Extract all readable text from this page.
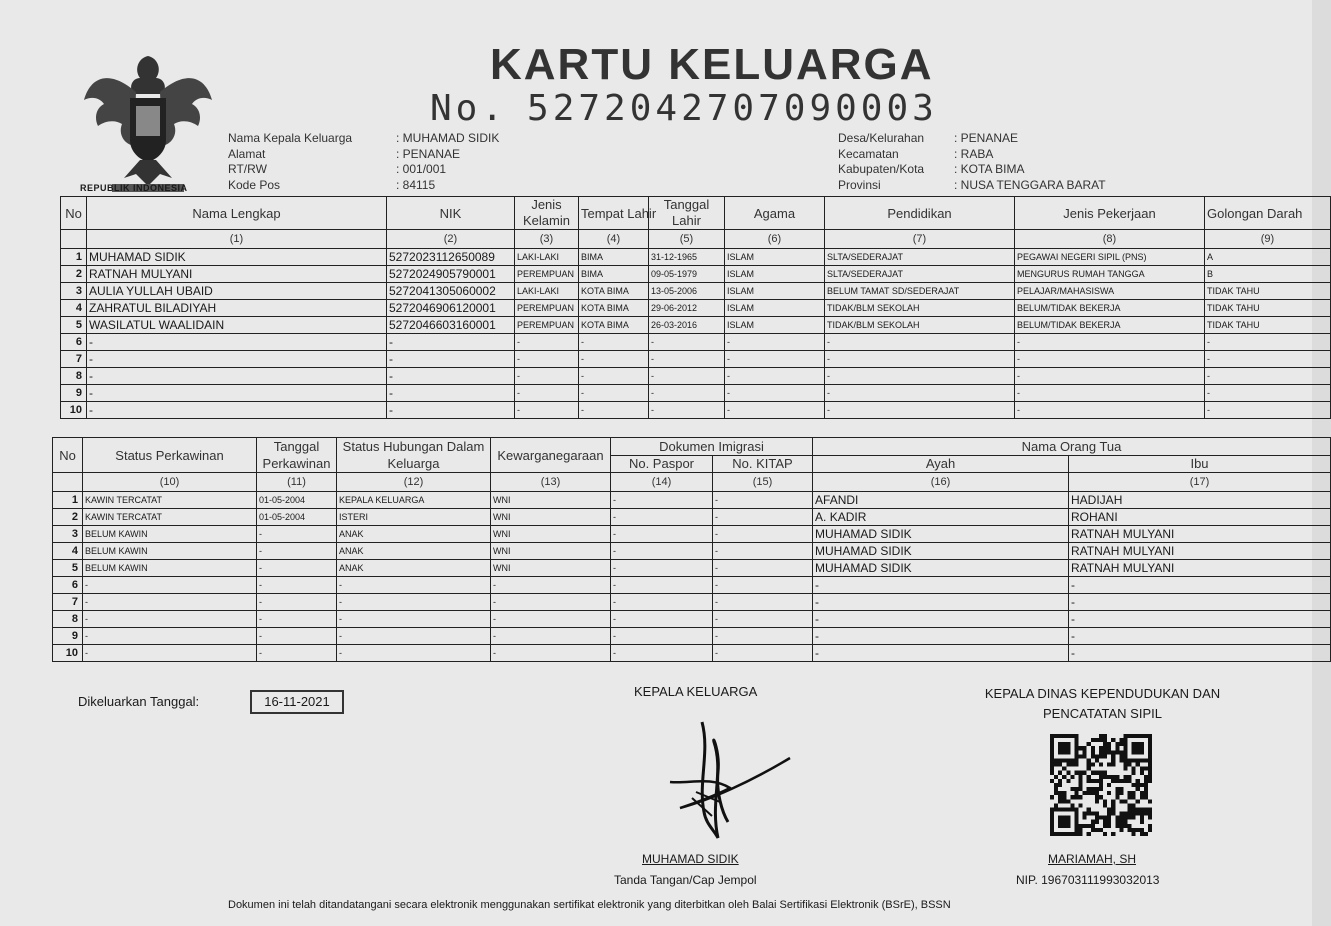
REPUBLIK INDONESIA
KARTU KELUARGA
No. 5272042707090003
Nama Kepala Keluarga	: MUHAMAD SIDIK
Alamat	: PENANAE
RT/RW	: 001/001
Kode Pos	: 84115
Desa/Kelurahan	: PENANAE
Kecamatan	: RABA
Kabupaten/Kota	: KOTA BIMA
Provinsi	: NUSA TENGGARA BARAT
No	Nama Lengkap	NIK	Jenis Kelamin	Tempat Lahir	Tanggal Lahir	Agama	Pendidikan	Jenis Pekerjaan	Golongan Darah
	(1)	(2)	(3)	(4)	(5)	(6)	(7)	(8)	(9)
1	MUHAMAD SIDIK	5272023112650089	LAKI-LAKI	BIMA	31-12-1965	ISLAM	SLTA/SEDERAJAT	PEGAWAI NEGERI SIPIL (PNS)	A
2	RATNAH MULYANI	5272024905790001	PEREMPUAN	BIMA	09-05-1979	ISLAM	SLTA/SEDERAJAT	MENGURUS RUMAH TANGGA	B
3	AULIA YULLAH UBAID	5272041305060002	LAKI-LAKI	KOTA BIMA	13-05-2006	ISLAM	BELUM TAMAT SD/SEDERAJAT	PELAJAR/MAHASISWA	TIDAK TAHU
4	ZAHRATUL BILADIYAH	5272046906120001	PEREMPUAN	KOTA BIMA	29-06-2012	ISLAM	TIDAK/BLM SEKOLAH	BELUM/TIDAK BEKERJA	TIDAK TAHU
5	WASILATUL WAALIDAIN	5272046603160001	PEREMPUAN	KOTA BIMA	26-03-2016	ISLAM	TIDAK/BLM SEKOLAH	BELUM/TIDAK BEKERJA	TIDAK TAHU
6	-	-	-	-	-	-	-	-	-
7	-	-	-	-	-	-	-	-	-
8	-	-	-	-	-	-	-	-	-
9	-	-	-	-	-	-	-	-	-
10	-	-	-	-	-	-	-	-	-
No	Status Perkawinan	Tanggal Perkawinan	Status Hubungan Dalam Keluarga	Kewarganegaraan	Dokumen Imigrasi		Nama Orang Tua	
					No. Paspor	No. KITAP	Ayah	Ibu
	(10)	(11)	(12)	(13)	(14)	(15)	(16)	(17)
1	KAWIN TERCATAT	01-05-2004	KEPALA KELUARGA	WNI	-	-	AFANDI	HADIJAH
2	KAWIN TERCATAT	01-05-2004	ISTERI	WNI	-	-	A. KADIR	ROHANI
3	BELUM KAWIN	-	ANAK	WNI	-	-	MUHAMAD SIDIK	RATNAH MULYANI
4	BELUM KAWIN	-	ANAK	WNI	-	-	MUHAMAD SIDIK	RATNAH MULYANI
5	BELUM KAWIN	-	ANAK	WNI	-	-	MUHAMAD SIDIK	RATNAH MULYANI
6	-	-	-	-	-	-	-	-
7	-	-	-	-	-	-	-	-
8	-	-	-	-	-	-	-	-
9	-	-	-	-	-	-	-	-
10	-	-	-	-	-	-	-	-
Dikeluarkan Tanggal:	16-11-2021
KEPALA KELUARGA
MUHAMAD SIDIK
Tanda Tangan/Cap Jempol
KEPALA DINAS KEPENDUDUKAN DAN
PENCATATAN SIPIL
MARIAMAH, SH
NIP. 196703111993032013
Dokumen ini telah ditandatangani secara elektronik menggunakan sertifikat elektronik yang diterbitkan oleh Balai Sertifikasi Elektronik (BSrE), BSSN
